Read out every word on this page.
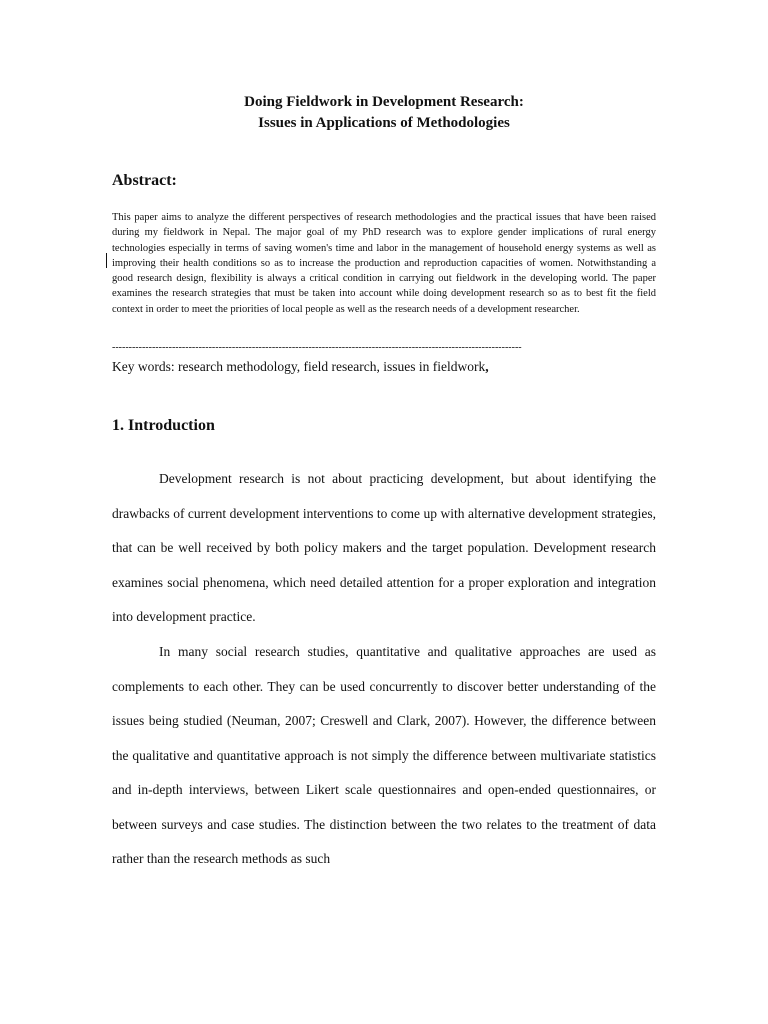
Doing Fieldwork in Development Research:
Issues in Applications of Methodologies
Abstract:

This paper aims to analyze the different perspectives of research methodologies and the practical issues that have been raised during my fieldwork in Nepal. The major goal of my PhD research was to explore gender implications of rural energy technologies especially in terms of saving women's time and labor in the management of household energy systems as well as improving their health conditions so as to increase the production and reproduction capacities of women. Notwithstanding a good research design, flexibility is always a critical condition in carrying out fieldwork in the developing world. The paper examines the research strategies that must be taken into account while doing development research so as to best fit the field context in order to meet the priorities of local people as well as the research needs of a development researcher.

---------------------------------------------------------------------------------------------------------------------------
Key words: research methodology, field research, issues in fieldwork,
1. Introduction

Development research is not about practicing development, but about identifying the drawbacks of current development interventions to come up with alternative development strategies, that can be well received by both policy makers and the target population. Development research examines social phenomena, which need detailed attention for a proper exploration and integration into development practice.

In many social research studies, quantitative and qualitative approaches are used as complements to each other. They can be used concurrently to discover better understanding of the issues being studied (Neuman, 2007; Creswell and Clark, 2007). However, the difference between the qualitative and quantitative approach is not simply the difference between multivariate statistics and in-depth interviews, between Likert scale questionnaires and open-ended questionnaires, or between surveys and case studies. The distinction between the two relates to the treatment of data rather than the research methods as such
